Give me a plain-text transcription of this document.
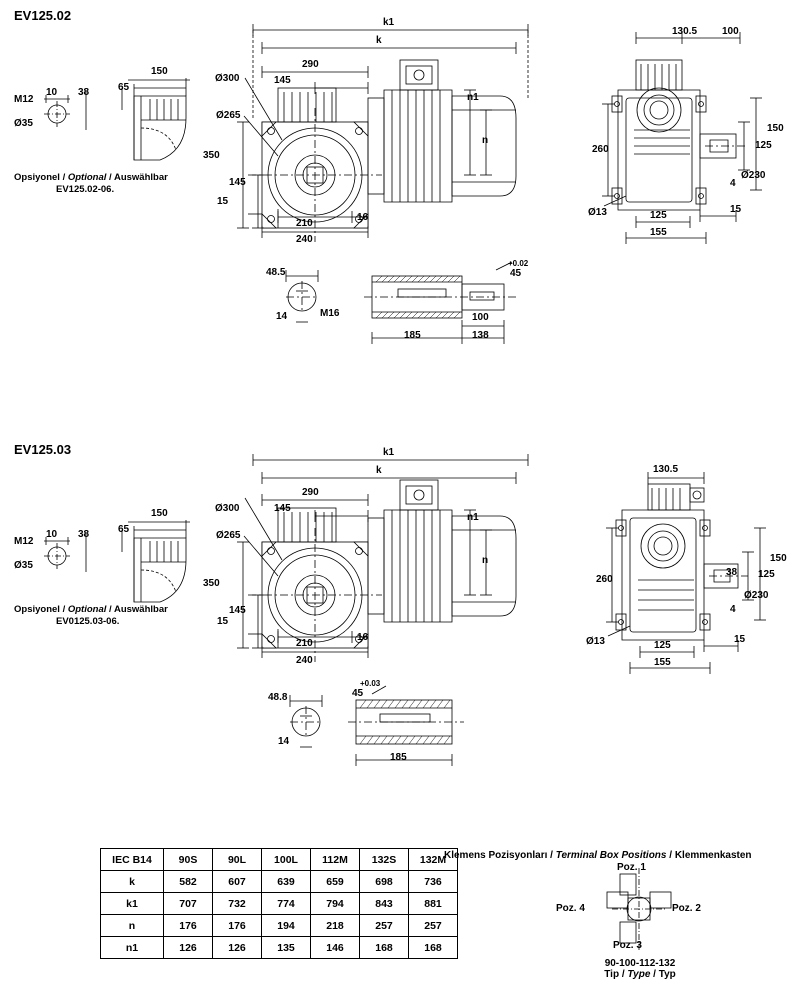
EV125.02
M12
Ø35
10 38	65
150
Opsiyonel / Optional / Auswählbar
EV125.02-06.
k1
k
290
145
Ø300
Ø265
350
145
15
210
240
16
n1
n
130.5 100
260
150
125
Ø230
4
Ø13	125
15
155
48.5
14	M16
+0.02
45
100
138
185
EV125.03
M12
Ø35
10 38	65
150
Opsiyonel / Optional / Auswählbar
EV0125.03-06.
k1
k
290
145
Ø300
Ø265
350
145
15
210
240
16
n1
n
130.5
260
150
125
38
Ø230
4
Ø13	125
15
155
48.8
14
+0.03
45
185
IEC B14	90S	90L	100L	112M	132S	132M
k	582	607	639	659	698	736
k1	707	732	774	794	843	881
n	176	176	194	218	257	257
n1	126	126	135	146	168	168
Klemens Pozisyonları / Terminal Box Positions / Klemmenkasten
Poz. 1
Poz. 2
Poz. 3
Poz. 4
90-100-112-132
Tip / Type / Typ
